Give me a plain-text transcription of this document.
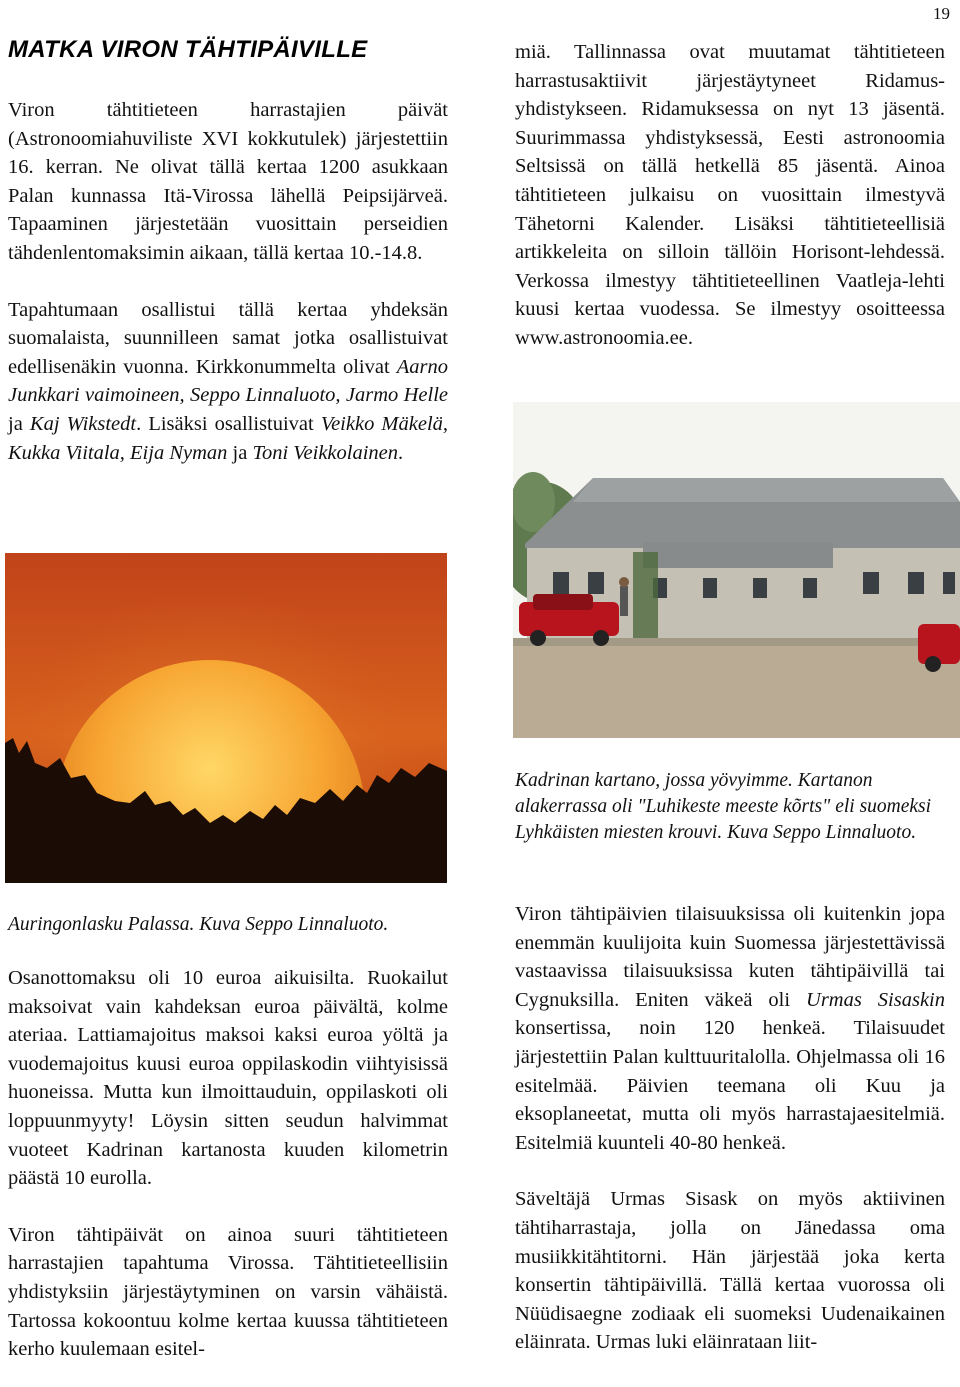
19
MATKA VIRON TÄHTIPÄIVILLE

Viron tähtitieteen harrastajien päivät (Astronoomiahuviliste XVI kokkutulek) järjestettiin 16. kerran. Ne olivat tällä kertaa 1200 asukkaan Palan kunnassa Itä-Virossa lähellä Peipsijärveä. Tapaaminen järjestetään vuosittain perseidien tähdenlentomaksimin aikaan, tällä kertaa 10.-14.8.

Tapahtumaan osallistui tällä kertaa yhdeksän suomalaista, suunnilleen samat jotka osallistuivat edellisenäkin vuonna. Kirkkonummelta olivat Aarno Junkkari vaimoineen, Seppo Linnaluoto, Jarmo Helle ja Kaj Wikstedt. Lisäksi osallistuivat Veikko Mäkelä, Kukka Viitala, Eija Nyman ja Toni Veikkolainen.

miä. Tallinnassa ovat muutamat tähtitieteen harrastusaktiivit järjestäytyneet Ridamus-yhdistykseen. Ridamuksessa on nyt 13 jäsentä. Suurimmassa yhdistyksessä, Eesti astronoomia Seltsissä on tällä hetkellä 85 jäsentä. Ainoa tähtitieteen julkaisu on vuosittain ilmestyvä Tähetorni Kalender. Lisäksi tähtitieteellisiä artikkeleita on silloin tällöin Horisont-lehdessä. Verkossa ilmestyy tähtitieteellinen Vaatleja-lehti kuusi kertaa vuodessa. Se ilmestyy osoitteessa www.astronoomia.ee.

Kadrinan kartano, jossa yövyimme. Kartanon alakerrassa oli "Luhikeste meeste kõrts" eli suomeksi Lyhkäisten miesten krouvi. Kuva Seppo Linnaluoto.
Auringonlasku Palassa. Kuva Seppo Linnaluoto.

Osanottomaksu oli 10 euroa aikuisilta. Ruokailut maksoivat vain kahdeksan euroa päivältä, kolme ateriaa. Lattiamajoitus maksoi kaksi euroa yöltä ja vuodemajoitus kuusi euroa oppilaskodin viihtyisissä huoneissa. Mutta kun ilmoittauduin, oppilaskoti oli loppuunmyyty! Löysin sitten seudun halvimmat vuoteet Kadrinan kartanosta kuuden kilometrin päästä 10 eurolla.

Viron tähtipäivät on ainoa suuri tähtitieteen harrastajien tapahtuma Virossa. Tähtitieteellisiin yhdistyksiin järjestäytyminen on varsin vähäistä. Tartossa kokoontuu kolme kertaa kuussa tähtitieteen kerho kuulemaan esitel-

Viron tähtipäivien tilaisuuksissa oli kuitenkin jopa enemmän kuulijoita kuin Suomessa järjestettävissä vastaavissa tilaisuuksissa kuten tähtipäivillä tai Cygnuksilla. Eniten väkeä oli Urmas Sisaskin konsertissa, noin 120 henkeä. Tilaisuudet järjestettiin Palan kulttuuritalolla. Ohjelmassa oli 16 esitelmää. Päivien teemana oli Kuu ja eksoplaneetat, mutta oli myös harrastajaesitelmiä. Esitelmiä kuunteli 40-80 henkeä.

Säveltäjä Urmas Sisask on myös aktiivinen tähtiharrastaja, jolla on Jänedassa oma musiikkitähtitorni. Hän järjestää joka kerta konsertin tähtipäivillä. Tällä kertaa vuorossa oli Nüüdisaegne zodiaak eli suomeksi Uudenaikainen eläinrata. Urmas luki eläinrataan liit-
